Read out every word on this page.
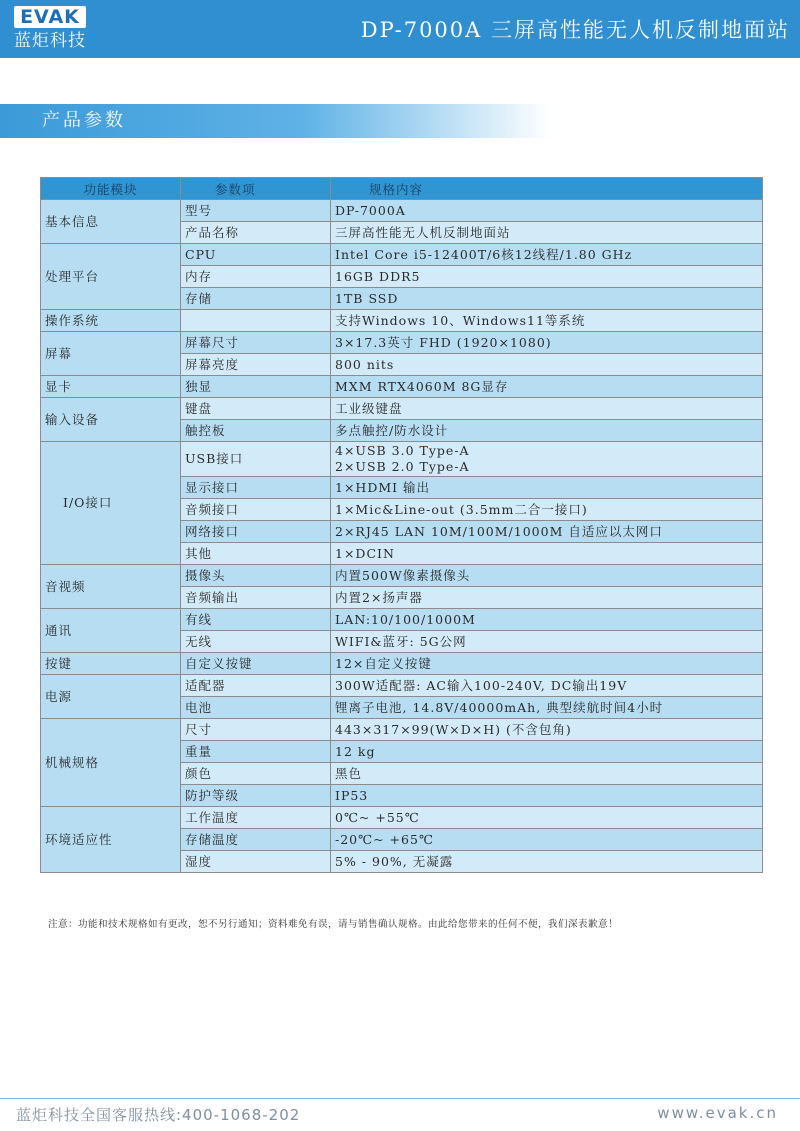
EVAK
蓝炬科技	DP-7000A 三屏高性能无人机反制地面站
产品参数
功能模块	参数项	规格内容
基本信息	型号	DP-7000A
	产品名称	三屏高性能无人机反制地面站
处理平台	CPU	Intel Core i5-12400T/6核12线程/1.80 GHz
	内存	16GB DDR5
	存储	1TB SSD
操作系统		支持Windows 10、Windows11等系统
屏幕	屏幕尺寸	3×17.3英寸 FHD (1920×1080)
	屏幕亮度	800 nits
显卡	独显	MXM RTX4060M 8G显存
输入设备	键盘	工业级键盘
	触控板	多点触控/防水设计
I/O接口	USB接口	4×USB 3.0 Type-A
2×USB 2.0 Type-A

	显示接口	1×HDMI 输出
	音频接口	1×Mic&Line-out (3.5mm二合一接口)
	网络接口	2×RJ45 LAN 10M/100M/1000M 自适应以太网口
	其他	1×DCIN
音视频	摄像头	内置500W像素摄像头
	音频输出	内置2×扬声器
通讯	有线	LAN:10/100/1000M
	无线	WIFI&蓝牙: 5G公网
按键	自定义按键	12×自定义按键
电源	适配器	300W适配器: AC输入100-240V, DC输出19V
	电池	锂离子电池, 14.8V/40000mAh, 典型续航时间4小时
机械规格	尺寸	443×317×99(W×D×H) (不含包角)
	重量	12 kg
	颜色	黑色
	防护等级	IP53
环境适应性	工作温度	0℃~ +55℃
	存储温度	-20℃~ +65℃
	湿度	5% - 90%, 无凝露
注意：功能和技术规格如有更改，恕不另行通知；资料难免有误，请与销售确认规格。由此给您带来的任何不便，我们深表歉意！
蓝炬科技全国客服热线:400-1068-202	www.evak.cn
